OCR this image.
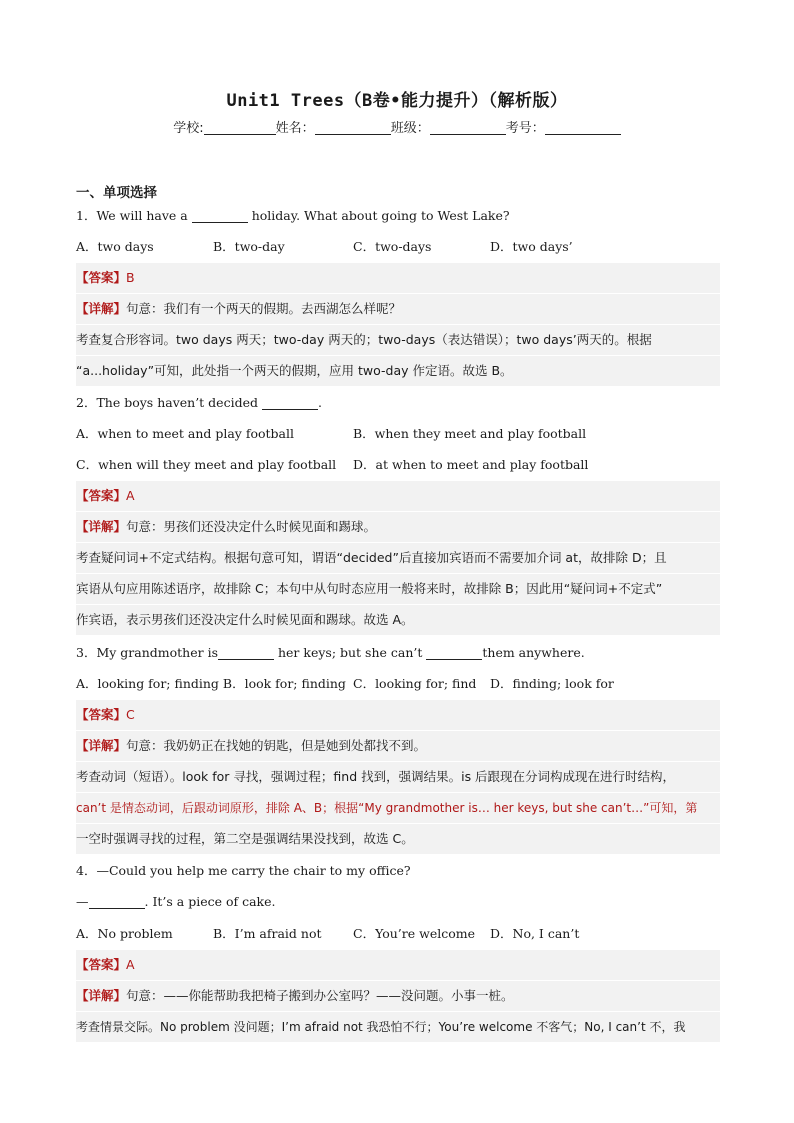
Unit1 Trees（B卷•能力提升）（解析版）
学校:	姓名：	班级：	考号：
一、单项选择
1．We will have a	holiday. What about going to West Lake?
A．two days	B．two-day	C．two-days	D．two days’
【答案】B
【详解】句意：我们有一个两天的假期。去西湖怎么样呢？
考查复合形容词。two days 两天；two-day 两天的；two-days（表达错误）；two days’两天的。根据
“a...holiday”可知，此处指一个两天的假期，应用 two-day 作定语。故选 B。
2．The boys haven’t decided	.
A．when to meet and play football	B．when they meet and play football
C．when will they meet and play football D．at when to meet and play football
【答案】A
【详解】句意：男孩们还没决定什么时候见面和踢球。
考查疑问词+不定式结构。根据句意可知，谓语“decided”后直接加宾语而不需要加介词 at，故排除 D；且
宾语从句应用陈述语序，故排除 C；本句中从句时态应用一般将来时，故排除 B；因此用“疑问词+不定式”
作宾语，表示男孩们还没决定什么时候见面和踢球。故选 A。
3．My grandmother is	her keys; but she can’t	them anywhere.
A．looking for; finding B．look for; finding C．looking for; find D．finding; look for
【答案】C
【详解】句意：我奶奶正在找她的钥匙，但是她到处都找不到。
考查动词（短语）。look for 寻找，强调过程；find 找到，强调结果。is 后跟现在分词构成现在进行时结构，
can’t 是情态动词，后跟动词原形，排除 A、B；根据“My grandmother is… her keys, but she can’t…”可知，第
一空时强调寻找的过程，第二空是强调结果没找到，故选 C。
4．—Could you help me carry the chair to my office?
—	. It’s a piece of cake.
A．No problem	B．I’m afraid not	C．You’re welcome D．No, I can’t
【答案】A
【详解】句意：——你能帮助我把椅子搬到办公室吗？——没问题。小事一桩。
考查情景交际。No problem 没问题；I’m afraid not 我恐怕不行；You’re welcome 不客气；No, I can’t 不，我
